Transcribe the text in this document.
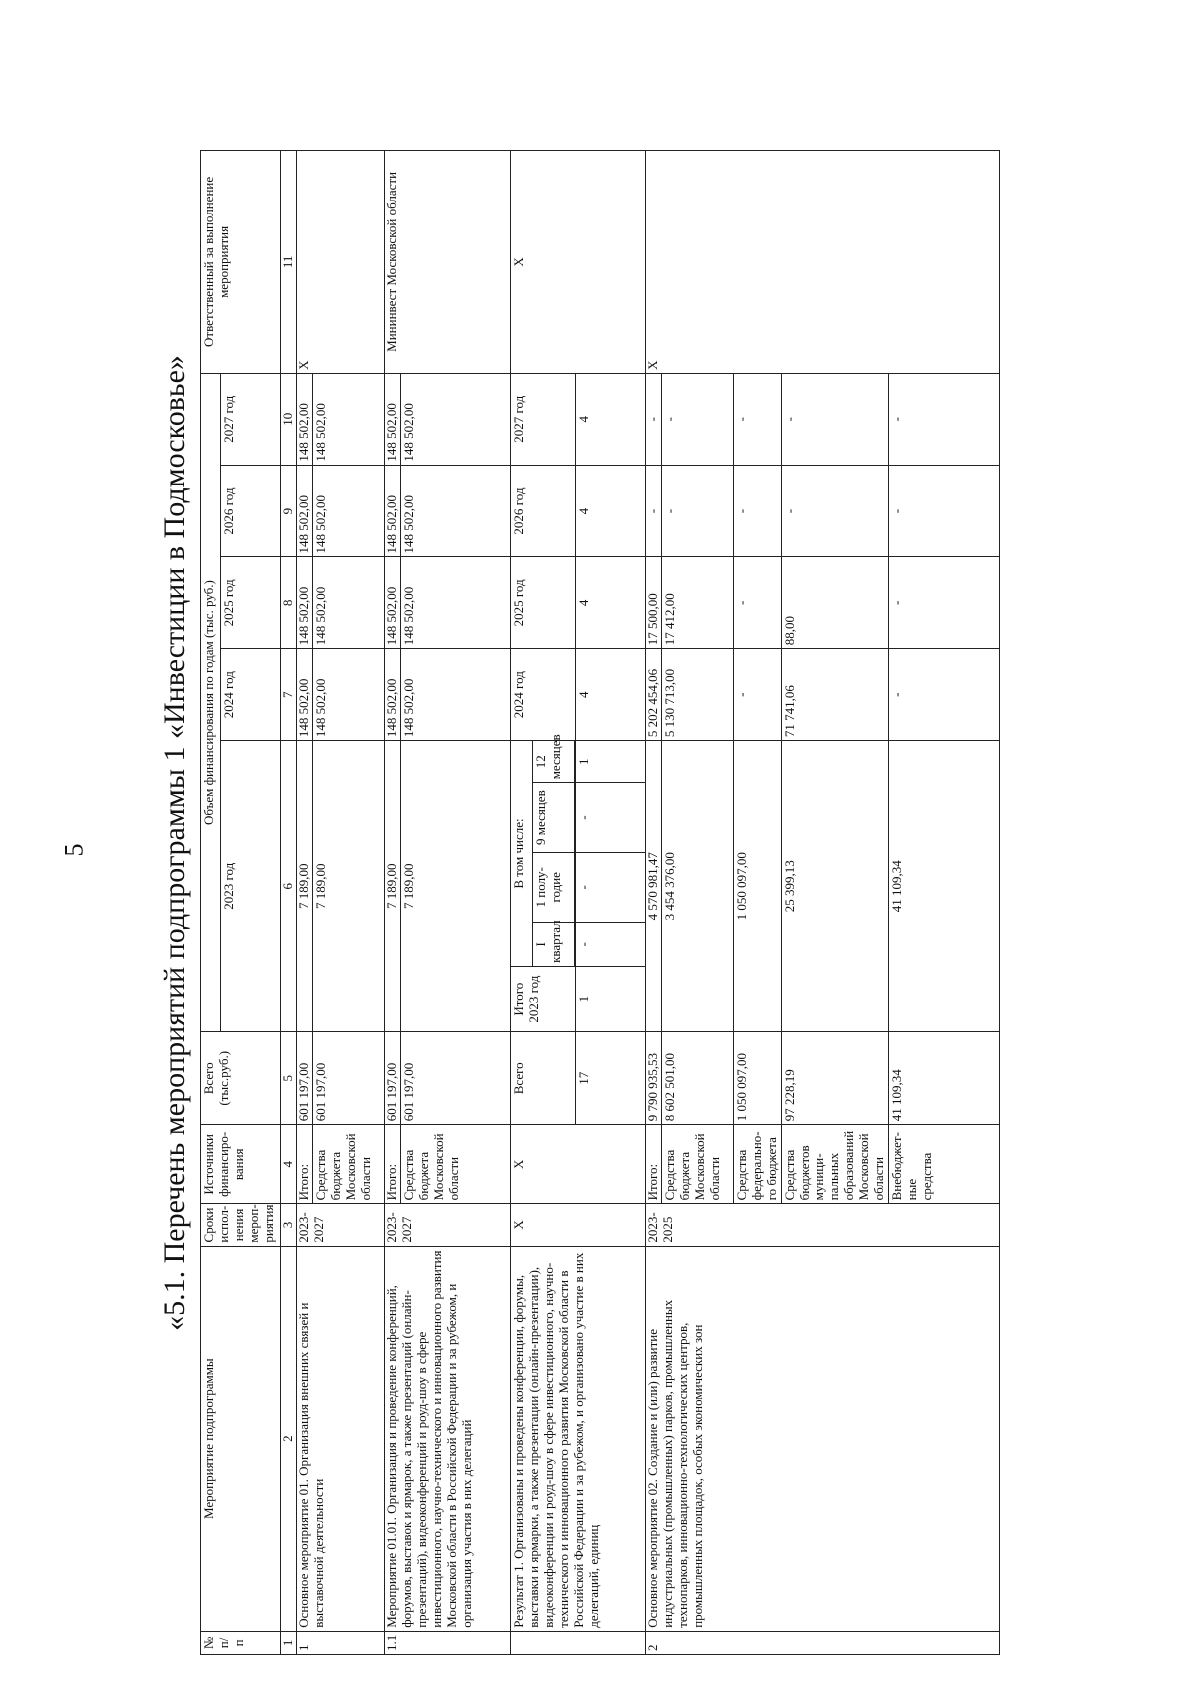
5 «5.1. Перечень мероприятий подпрограммы 1 «Инвестиции в Подмосковье»
№ п/п	Мероприятие подпрограммы	Сроки испол-нения мероп-риятия	Источники финансиро-вания	Всего (тыс.руб.)	Объем финансирования по годам (тыс. руб.)									Ответственный за выполнение мероприятия
					2023 год					2024 год	2025 год	2026 год	2027 год	
1	2	3	4	5	6					7	8	9	10	11
1	Основное мероприятие 01. Организация внешних связей и выставочной деятельности	2023-2027	Итого:	601 197,00	7 189,00					148 502,00	148 502,00	148 502,00	148 502,00	X
			Средства бюджета Московской области	601 197,00	7 189,00					148 502,00	148 502,00	148 502,00	148 502,00	
1.1	Мероприятие 01.01. Организация и проведение конференций, форумов, выставок и ярмарок, а также презентаций (онлайн-презентаций), видеоконференций и роуд-шоу в сфере инвестиционного, научно-технического и инновационного развития Московской области в Российской Федерации и за рубежом, и организация участия в них делегаций	2023-2027	Итого:	601 197,00	7 189,00					148 502,00	148 502,00	148 502,00	148 502,00	Мининвест Московской области
			Средства бюджета Московской области	601 197,00	7 189,00					148 502,00	148 502,00	148 502,00	148 502,00	
	Результат 1. Организованы и проведены конференции, форумы, выставки и ярмарки, а также презентации (онлайн-презентации), видеоконференции и роуд-шоу в сфере инвестиционного, научно-технического и инновационного развития Московской области в Российской Федерации и за рубежом, и организовано участие в них делегаций, единиц	X	X	Всего	Итого 2023 год	В том числе:				2024 год	2025 год	2026 год	2027 год	X
						I квартал	1 полу-годие	9 месяцев	12 месяцев					

				17	1	-	-	-	1	4	4	4	4	
2	Основное мероприятие 02. Создание и (или) развитие индустриальных (промышленных) парков, промышленных технопарков, инновационно-технологических центров, промышленных площадок, особых экономических зон	2023-2025	Итого:	9 790 935,53	4 570 981,47					5 202 454,06	17 500,00	-	-	X
			Средства бюджета Московской области	8 602 501,00	3 454 376,00					5 130 713,00	17 412,00	-	-	
			Средства федерально-го бюджета	1 050 097,00	1 050 097,00					-	-	-	-	
			Средства бюджетов муници-пальных образований Московской области	97 228,19	25 399,13					71 741,06	88,00	-	-	
			Внебюджет-ные средства	41 109,34	41 109,34					-	-	-	-	
